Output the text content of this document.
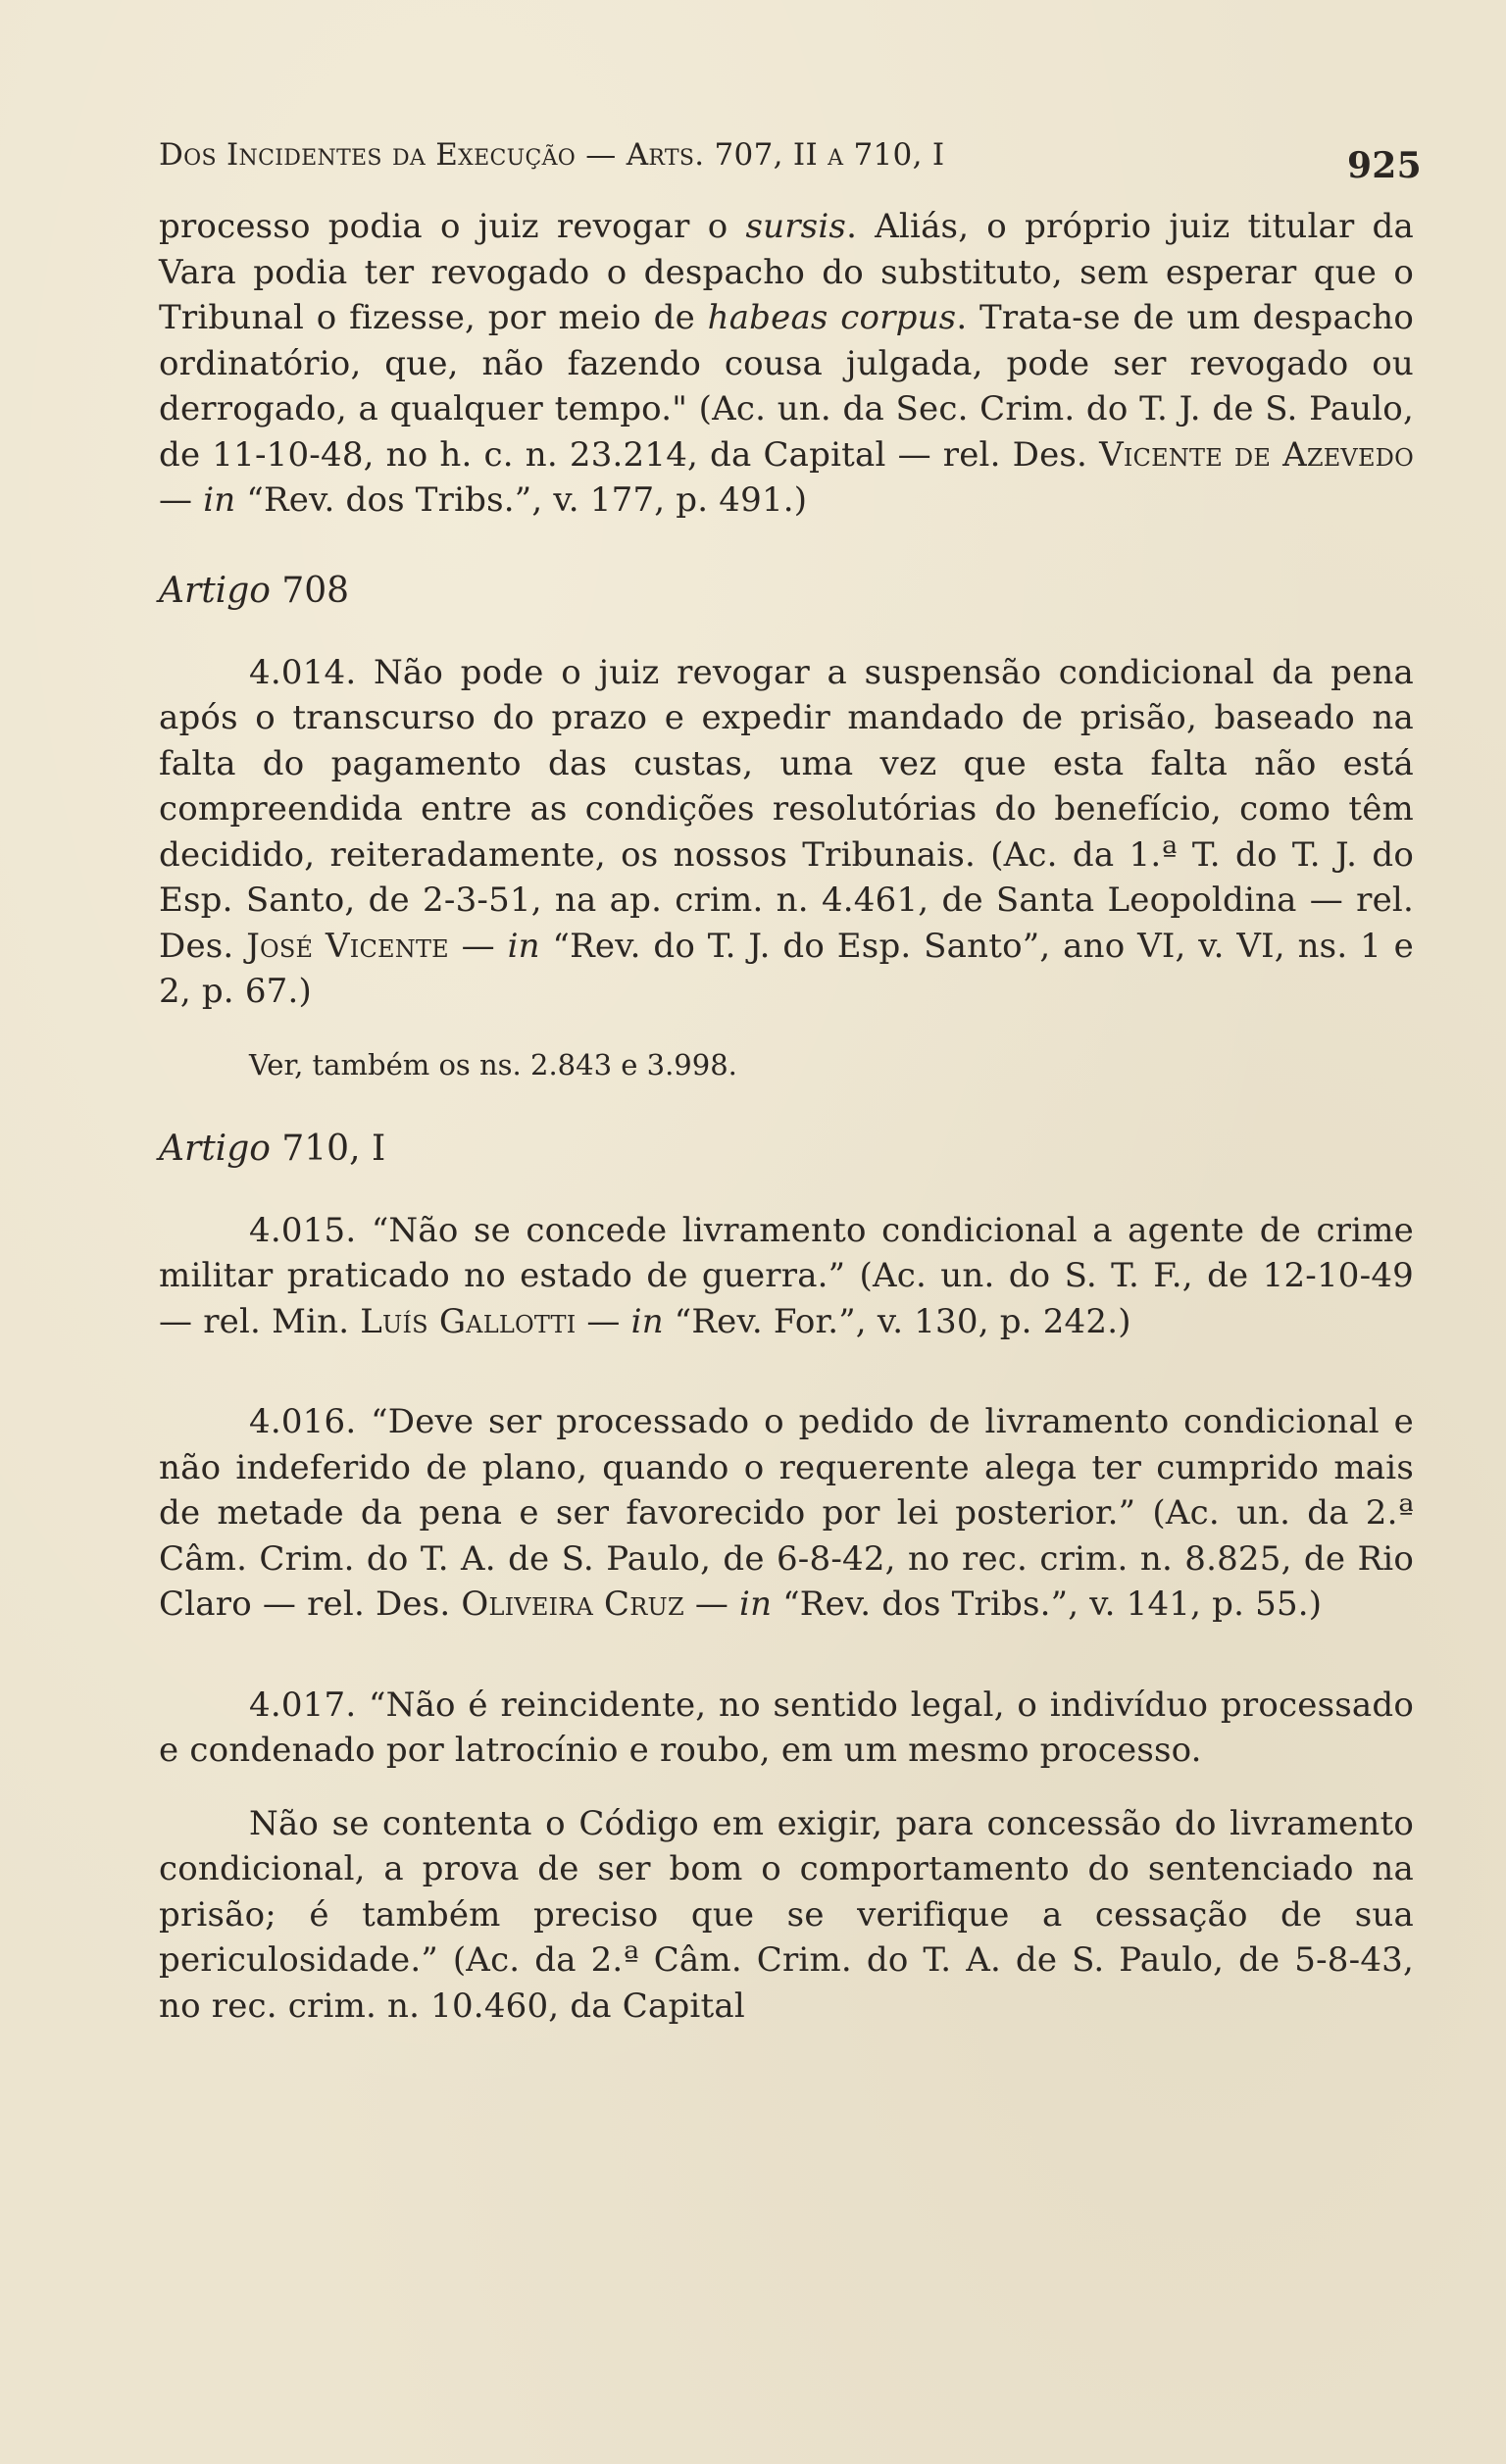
Dos Incidentes da Execução — Arts. 707, II a 710, I	925

processo podia o juiz revogar o sursis. Aliás, o próprio juiz titular da Vara podia ter revogado o despacho do substituto, sem esperar que o Tribunal o fizesse, por meio de habeas corpus. Trata-se de um despacho ordinatório, que, não fazendo cousa julgada, pode ser revogado ou derrogado, a qualquer tempo." (Ac. un. da Sec. Crim. do T. J. de S. Paulo, de 11-10-48, no h. c. n. 23.214, da Capital — rel. Des. Vicente de Azevedo — in “Rev. dos Tribs.”, v. 177, p. 491.)

Artigo 708

4.014. Não pode o juiz revogar a suspensão condicional da pena após o transcurso do prazo e expedir mandado de prisão, baseado na falta do pagamento das custas, uma vez que esta falta não está compreendida entre as condições resolutórias do benefício, como têm decidido, reiteradamente, os nossos Tribunais. (Ac. da 1.ª T. do T. J. do Esp. Santo, de 2-3-51, na ap. crim. n. 4.461, de Santa Leopoldina — rel. Des. José Vicente — in “Rev. do T. J. do Esp. Santo”, ano VI, v. VI, ns. 1 e 2, p. 67.)

Ver, também os ns. 2.843 e 3.998.
Artigo 710, I

4.015. “Não se concede livramento condicional a agente de crime militar praticado no estado de guerra.” (Ac. un. do S. T. F., de 12-10-49 — rel. Min. Luís Gallotti — in “Rev. For.”, v. 130, p. 242.)

4.016. “Deve ser processado o pedido de livramento condicional e não indeferido de plano, quando o requerente alega ter cumprido mais de metade da pena e ser favorecido por lei posterior.” (Ac. un. da 2.ª Câm. Crim. do T. A. de S. Paulo, de 6-8-42, no rec. crim. n. 8.825, de Rio Claro — rel. Des. Oliveira Cruz — in “Rev. dos Tribs.”, v. 141, p. 55.)

4.017. “Não é reincidente, no sentido legal, o indivíduo processado e condenado por latrocínio e roubo, em um mesmo processo.

Não se contenta o Código em exigir, para concessão do livramento condicional, a prova de ser bom o comportamento do sentenciado na prisão; é também preciso que se verifique a cessação de sua periculosidade.” (Ac. da 2.ª Câm. Crim. do T. A. de S. Paulo, de 5-8-43, no rec. crim. n. 10.460, da Capital
